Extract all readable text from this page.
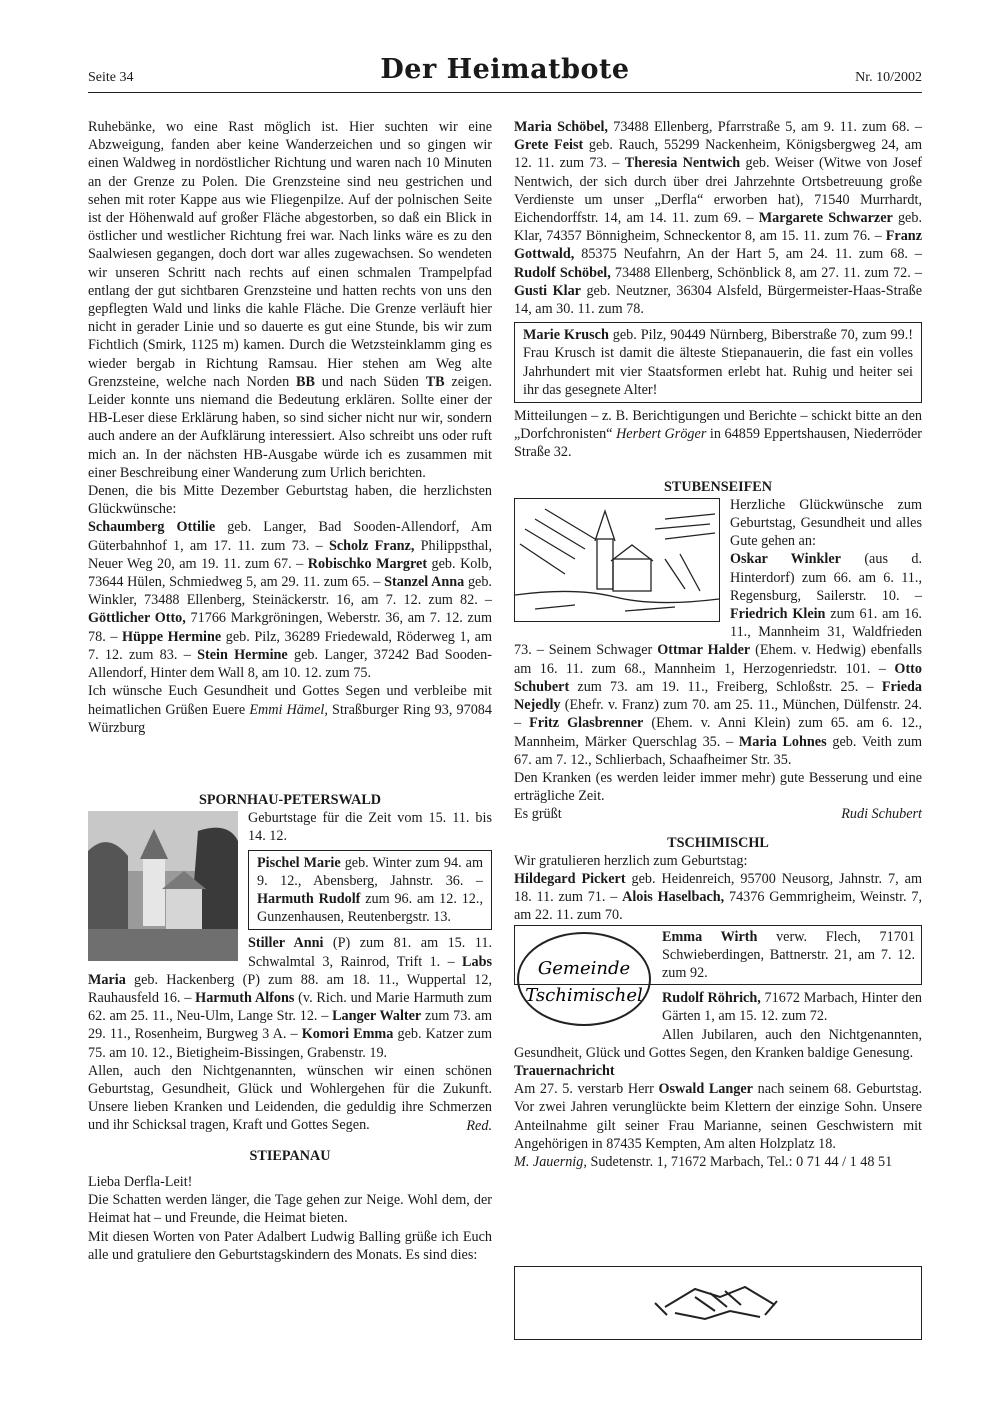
Seite 34	Der Heimatbote	Nr. 10/2002

Ruhebänke, wo eine Rast möglich ist. Hier suchten wir eine Abzweigung, fanden aber keine Wanderzeichen und so gingen wir einen Waldweg in nordöstlicher Richtung und waren nach 10 Minuten an der Grenze zu Polen. Die Grenzsteine sind neu gestrichen und sehen mit roter Kappe aus wie Fliegenpilze. Auf der polnischen Seite ist der Höhenwald auf großer Fläche abgestorben, so daß ein Blick in östlicher und westlicher Richtung frei war. Nach links wäre es zu den Saalwiesen gegangen, doch dort war alles zugewachsen. So wendeten wir unseren Schritt nach rechts auf einen schmalen Trampelpfad entlang der gut sichtbaren Grenzsteine und hatten rechts von uns den gepflegten Wald und links die kahle Fläche. Die Grenze verläuft hier nicht in gerader Linie und so dauerte es gut eine Stunde, bis wir zum Fichtlich (Smirk, 1125 m) kamen. Durch die Wetzsteinklamm ging es wieder bergab in Richtung Ramsau. Hier stehen am Weg alte Grenzsteine, welche nach Norden BB und nach Süden TB zeigen. Leider konnte uns niemand die Bedeutung erklären. Sollte einer der HB-Leser diese Erklärung haben, so sind sicher nicht nur wir, sondern auch andere an der Aufklärung interessiert. Also schreibt uns oder ruft mich an. In der nächsten HB-Ausgabe würde ich es zusammen mit einer Beschreibung einer Wanderung zum Urlich berichten.

Denen, die bis Mitte Dezember Geburtstag haben, die herzlichsten Glückwünsche:

Schaumberg Ottilie geb. Langer, Bad Sooden-Allendorf, Am Güterbahnhof 1, am 17. 11. zum 73. – Scholz Franz, Philippsthal, Neuer Weg 20, am 19. 11. zum 67. – Robischko Margret geb. Kolb, 73644 Hülen, Schmiedweg 5, am 29. 11. zum 65. – Stanzel Anna geb. Winkler, 73488 Ellenberg, Steinäckerstr. 16, am 7. 12. zum 82. – Göttlicher Otto, 71766 Markgröningen, Weberstr. 36, am 7. 12. zum 78. – Hüppe Hermine geb. Pilz, 36289 Friedewald, Röderweg 1, am 7. 12. zum 83. – Stein Hermine geb. Langer, 37242 Bad Sooden-Allendorf, Hinter dem Wall 8, am 10. 12. zum 75.

Ich wünsche Euch Gesundheit und Gottes Segen und verbleibe mit heimatlichen Grüßen Euere Emmi Hämel, Straßburger Ring 93, 97084 Würzburg

SPORNHAU-PETERSWALD

Geburtstage für die Zeit vom 15. 11. bis 14. 12.

Pischel Marie geb. Winter zum 94. am 9. 12., Abensberg, Jahnstr. 36. – Harmuth Rudolf zum 96. am 12. 12., Gunzenhausen, Reutenbergstr. 13.

Stiller Anni (P) zum 81. am 15. 11. Schwalmtal 3, Rainrod, Trift 1. – Labs Maria geb. Hackenberg (P) zum 88. am 18. 11., Wuppertal 12, Rauhausfeld 16. – Harmuth Alfons (v. Rich. und Marie Harmuth zum 62. am 25. 11., Neu-Ulm, Lange Str. 12. – Langer Walter zum 73. am 29. 11., Rosenheim, Burgweg 3 A. – Komori Emma geb. Katzer zum 75. am 10. 12., Bietigheim-Bissingen, Grabenstr. 19.

Allen, auch den Nichtgenannten, wünschen wir einen schönen Geburtstag, Gesundheit, Glück und Wohlergehen für die Zukunft. Unsere lieben Kranken und Leidenden, die geduldig ihre Schmerzen und ihr Schicksal tragen, Kraft und Gottes Segen.	Red.

STIEPANAU

Lieba Derfla-Leit!

Die Schatten werden länger, die Tage gehen zur Neige. Wohl dem, der Heimat hat – und Freunde, die Heimat bieten.

Mit diesen Worten von Pater Adalbert Ludwig Balling grüße ich Euch alle und gratuliere den Geburtstagskindern des Monats. Es sind dies:

Maria Schöbel, 73488 Ellenberg, Pfarrstraße 5, am 9. 11. zum 68. – Grete Feist geb. Rauch, 55299 Nackenheim, Königsbergweg 24, am 12. 11. zum 73. – Theresia Nentwich geb. Weiser (Witwe von Josef Nentwich, der sich durch über drei Jahrzehnte Ortsbetreuung große Verdienste um unser „Derfla“ erworben hat), 71540 Murrhardt, Eichendorffstr. 14, am 14. 11. zum 69. – Margarete Schwarzer geb. Klar, 74357 Bönnigheim, Schneckentor 8, am 15. 11. zum 76. – Franz Gottwald, 85375 Neufahrn, An der Hart 5, am 24. 11. zum 68. – Rudolf Schöbel, 73488 Ellenberg, Schönblick 8, am 27. 11. zum 72. – Gusti Klar geb. Neutzner, 36304 Alsfeld, Bürgermeister-Haas-Straße 14, am 30. 11. zum 78.

Marie Krusch geb. Pilz, 90449 Nürnberg, Biberstraße 70, zum 99.! Frau Krusch ist damit die älteste Stiepanauerin, die fast ein volles Jahrhundert mit vier Staatsformen erlebt hat. Ruhig und heiter sei ihr das gesegnete Alter!

Mitteilungen – z. B. Berichtigungen und Berichte – schickt bitte an den „Dorfchronisten“ Herbert Gröger in 64859 Eppertshausen, Niederröder Straße 32.

STUBENSEIFEN

Herzliche Glückwünsche zum Geburtstag, Gesundheit und alles Gute gehen an:

Oskar Winkler (aus d. Hinterdorf) zum 66. am 6. 11., Regensburg, Sailerstr. 10. – Friedrich Klein zum 61. am 16. 11., Mannheim 31, Waldfrieden 73. – Seinem Schwager Ottmar Halder (Ehem. v. Hedwig) ebenfalls am 16. 11. zum 68., Mannheim 1, Herzogenriedstr. 101. – Otto Schubert zum 73. am 19. 11., Freiberg, Schloßstr. 25. – Frieda Nejedly (Ehefr. v. Franz) zum 70. am 25. 11., München, Dülfenstr. 24. – Fritz Glasbrenner (Ehem. v. Anni Klein) zum 65. am 6. 12., Mannheim, Märker Querschlag 35. – Maria Lohnes geb. Veith zum 67. am 7. 12., Schlierbach, Schaafheimer Str. 35.

Den Kranken (es werden leider immer mehr) gute Besserung und eine erträgliche Zeit.

Es grüßt	Rudi Schubert

TSCHIMISCHL

Wir gratulieren herzlich zum Geburtstag:

Hildegard Pickert geb. Heidenreich, 95700 Neusorg, Jahnstr. 7, am 18. 11. zum 71. – Alois Haselbach, 74376 Gemmrigheim, Weinstr. 7, am 22. 11. zum 70.

Gemeinde
Tschimischel
Emma Wirth verw. Flech, 71701 Schwieberdingen, Battnerstr. 21, am 7. 12. zum 92.

Rudolf Röhrich, 71672 Marbach, Hinter den Gärten 1, am 15. 12. zum 72.

Allen Jubilaren, auch den Nichtgenannten, Gesundheit, Glück und Gottes Segen, den Kranken baldige Genesung.

Trauernachricht

Am 27. 5. verstarb Herr Oswald Langer nach seinem 68. Geburtstag. Vor zwei Jahren verunglückte beim Klettern der einzige Sohn. Unsere Anteilnahme gilt seiner Frau Marianne, seinen Geschwistern mit Angehörigen in 87435 Kempten, Am alten Holzplatz 18.

M. Jauernig, Sudetenstr. 1, 71672 Marbach, Tel.: 0 71 44 / 1 48 51
